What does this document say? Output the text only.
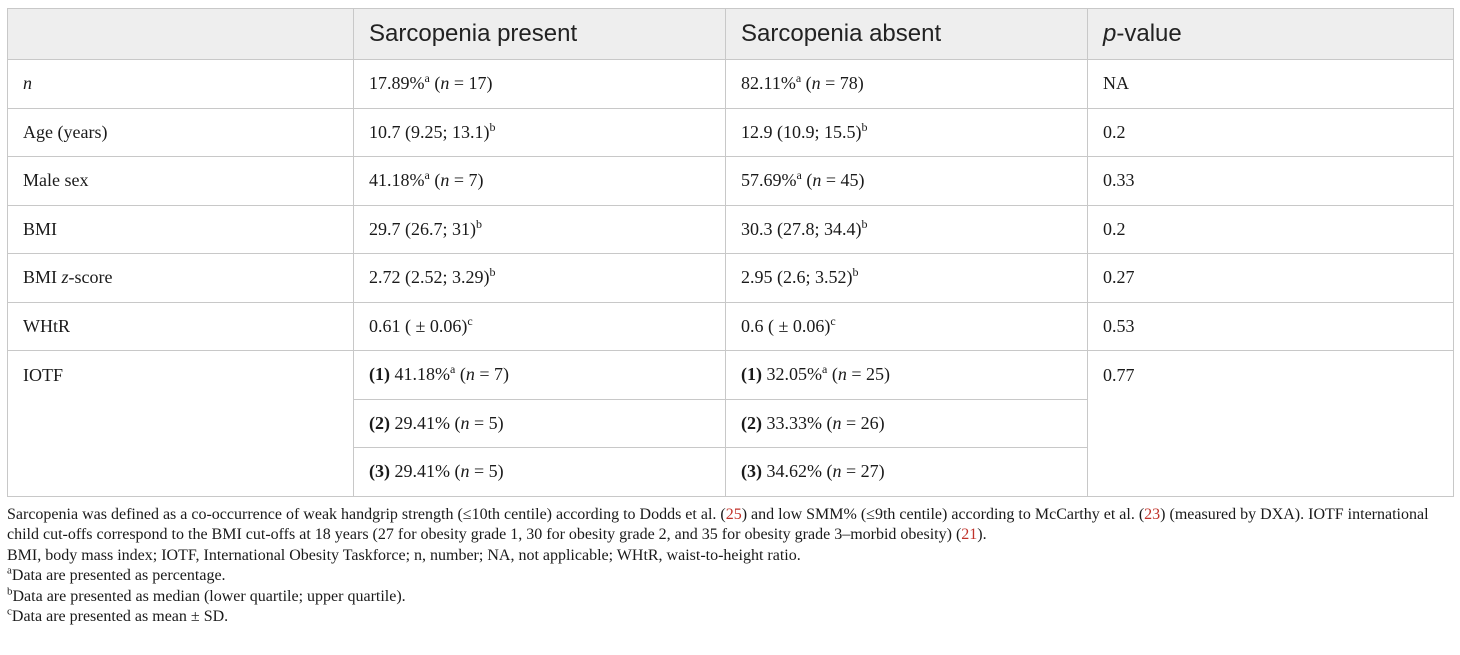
	Sarcopenia present	Sarcopenia absent	p-value
n	17.89%$^a$ (n = 17)	82.11%$^a$ (n = 78)	NA
Age (years)	10.7 (9.25; 13.1)$^b$	12.9 (10.9; 15.5)$^b$	0.2
Male sex	41.18%$^a$ (n = 7)	57.69%$^a$ (n = 45)	0.33
BMI	29.7 (26.7; 31)$^b$	30.3 (27.8; 34.4)$^b$	0.2
BMI z-score	2.72 (2.52; 3.29)$^b$	2.95 (2.6; 3.52)$^b$	0.27
WHtR	0.61 ( ± 0.06)$^c$	0.6 ( ± 0.06)$^c$	0.53
IOTF	(1) 41.18%$^a$ (n = 7)	(1) 32.05%$^a$ (n = 25)	0.77
	(2) 29.41% (n = 5)	(2) 33.33% (n = 26)	
	(3) 29.41% (n = 5)	(3) 34.62% (n = 27)	

Sarcopenia was defined as a co-occurrence of weak handgrip strength (≤10th centile) according to Dodds et al. (25) and low SMM% (≤9th centile) according to McCarthy et al. (23) (measured by DXA). IOTF international child cut-offs correspond to the BMI cut-offs at 18 years (27 for obesity grade 1, 30 for obesity grade 2, and 35 for obesity grade 3–morbid obesity) (21).

BMI, body mass index; IOTF, International Obesity Taskforce; n, number; NA, not applicable; WHtR, waist-to-height ratio.

$^a$Data are presented as percentage.

$^b$Data are presented as median (lower quartile; upper quartile).

$^c$Data are presented as mean ± SD.
